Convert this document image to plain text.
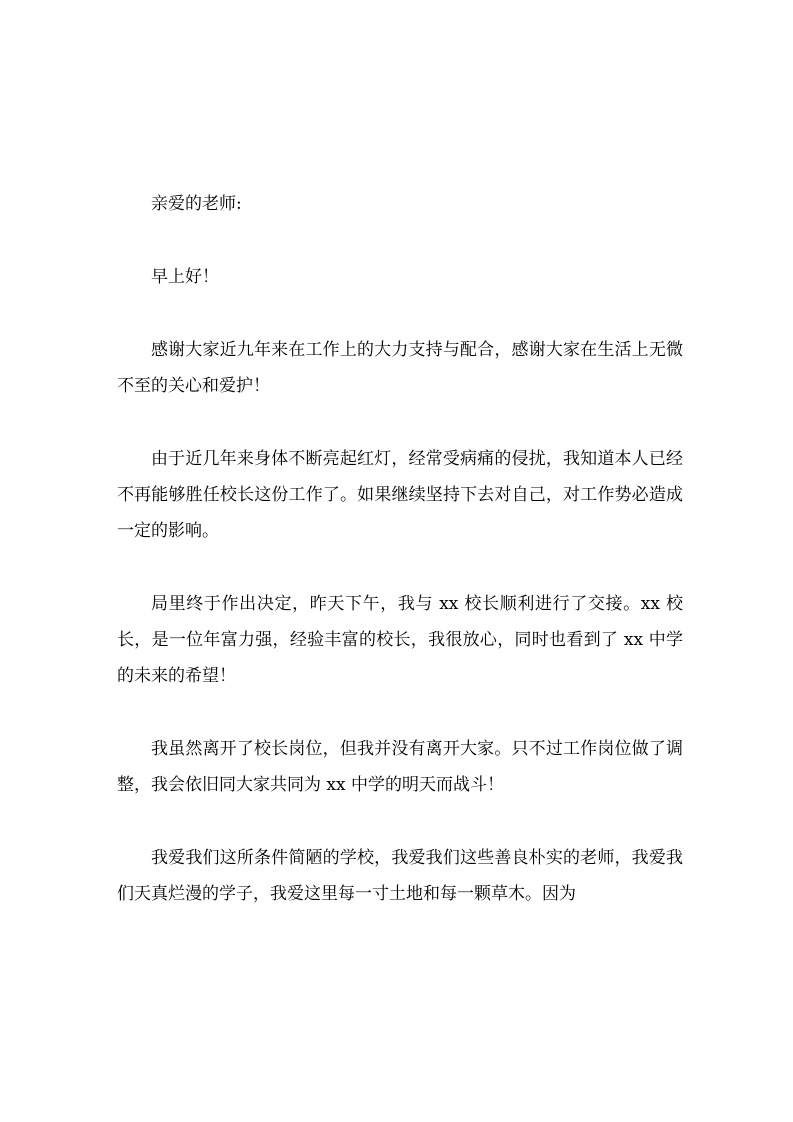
亲爱的老师:

早上好！

感谢大家近九年来在工作上的大力支持与配合，感谢大家在生活上无微不至的关心和爱护！

由于近几年来身体不断亮起红灯，经常受病痛的侵扰，我知道本人已经不再能够胜任校长这份工作了。如果继续坚持下去对自己，对工作势必造成一定的影响。

局里终于作出决定，昨天下午，我与 xx 校长顺利进行了交接。xx 校长，是一位年富力强，经验丰富的校长，我很放心，同时也看到了 xx 中学的未来的希望！

我虽然离开了校长岗位，但我并没有离开大家。只不过工作岗位做了调整，我会依旧同大家共同为 xx 中学的明天而战斗！

我爱我们这所条件简陋的学校，我爱我们这些善良朴实的老师，我爱我们天真烂漫的学子，我爱这里每一寸土地和每一颗草木。因为
